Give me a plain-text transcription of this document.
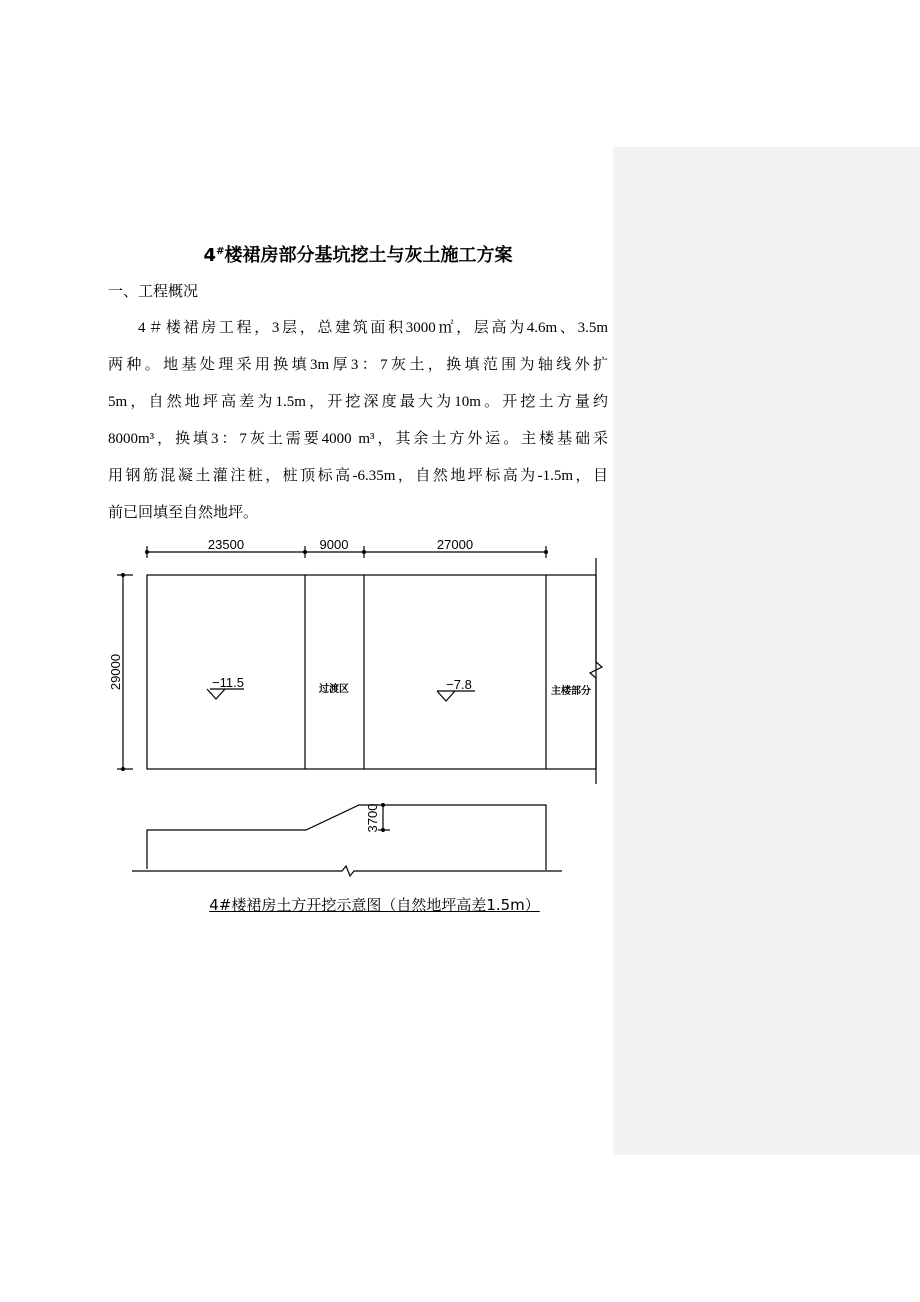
4#楼裙房部分基坑挖土与灰土施工方案
一、工程概况
4＃楼裙房工程，3层，总建筑面积3000㎡，层高为4.6m、3.5m
两种。地基处理采用换填3m厚3：7灰土，换填范围为轴线外扩
5m，自然地坪高差为1.5m，开挖深度最大为10m。开挖土方量约
8000m³，换填3：7灰土需要4000 m³，其余土方外运。主楼基础采
用钢筋混凝土灌注桩，桩顶标高-6.35m，自然地坪标高为-1.5m，目
前已回填至自然地坪。
23500	9000	27000
29000	−11.5	−7.8
过渡区	主楼部分
3700
4#楼裙房土方开挖示意图（自然地坪高差1.5m）
